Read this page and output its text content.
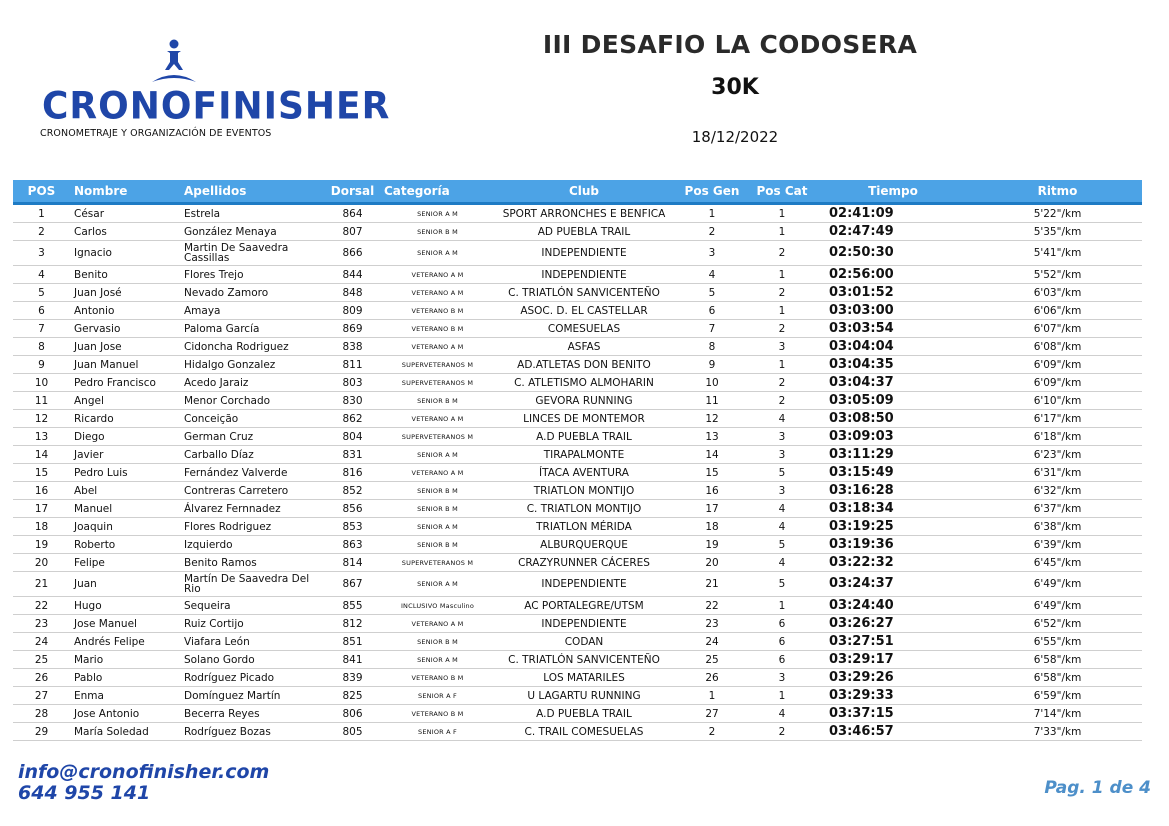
CRONOFINISHER
CRONOMETRAJE Y ORGANIZACIÓN DE EVENTOS
III DESAFIO LA CODOSERA
30K
18/12/2022
POS	Nombre	Apellidos	Dorsal	Categoría	Club	Pos Gen	Pos Cat	Tiempo	Ritmo
1	César	Estrela	864	SENIOR A M	SPORT ARRONCHES E BENFICA	1	1	02:41:09	5'22"/km
2	Carlos	González Menaya	807	SENIOR B M	AD PUEBLA TRAIL	2	1	02:47:49	5'35"/km
3	Ignacio	Martin De Saavedra Cassillas	866	SENIOR A M	INDEPENDIENTE	3	2	02:50:30	5'41"/km
4	Benito	Flores Trejo	844	VETERANO A M	INDEPENDIENTE	4	1	02:56:00	5'52"/km
5	Juan José	Nevado Zamoro	848	VETERANO A M	C. TRIATLÓN SANVICENTEÑO	5	2	03:01:52	6'03"/km
6	Antonio	Amaya	809	VETERANO B M	ASOC. D. EL CASTELLAR	6	1	03:03:00	6'06"/km
7	Gervasio	Paloma García	869	VETERANO B M	COMESUELAS	7	2	03:03:54	6'07"/km
8	Juan Jose	Cidoncha Rodriguez	838	VETERANO A M	ASFAS	8	3	03:04:04	6'08"/km
9	Juan Manuel	Hidalgo Gonzalez	811	SUPERVETERANOS M	AD.ATLETAS DON BENITO	9	1	03:04:35	6'09"/km
10	Pedro Francisco	Acedo Jaraiz	803	SUPERVETERANOS M	C. ATLETISMO ALMOHARIN	10	2	03:04:37	6'09"/km
11	Angel	Menor Corchado	830	SENIOR B M	GEVORA RUNNING	11	2	03:05:09	6'10"/km
12	Ricardo	Conceição	862	VETERANO A M	LINCES DE MONTEMOR	12	4	03:08:50	6'17"/km
13	Diego	German Cruz	804	SUPERVETERANOS M	A.D PUEBLA TRAIL	13	3	03:09:03	6'18"/km
14	Javier	Carballo Díaz	831	SENIOR A M	TIRAPALMONTE	14	3	03:11:29	6'23"/km
15	Pedro Luis	Fernández Valverde	816	VETERANO A M	ÍTACA AVENTURA	15	5	03:15:49	6'31"/km
16	Abel	Contreras Carretero	852	SENIOR B M	TRIATLON MONTIJO	16	3	03:16:28	6'32"/km
17	Manuel	Álvarez Fernnadez	856	SENIOR B M	C. TRIATLON MONTIJO	17	4	03:18:34	6'37"/km
18	Joaquin	Flores Rodriguez	853	SENIOR A M	TRIATLON MÉRIDA	18	4	03:19:25	6'38"/km
19	Roberto	Izquierdo	863	SENIOR B M	ALBURQUERQUE	19	5	03:19:36	6'39"/km
20	Felipe	Benito Ramos	814	SUPERVETERANOS M	CRAZYRUNNER CÁCERES	20	4	03:22:32	6'45"/km
21	Juan	Martín De Saavedra Del Rio	867	SENIOR A M	INDEPENDIENTE	21	5	03:24:37	6'49"/km
22	Hugo	Sequeira	855	INCLUSIVO Masculino	AC PORTALEGRE/UTSM	22	1	03:24:40	6'49"/km
23	Jose Manuel	Ruiz Cortijo	812	VETERANO A M	INDEPENDIENTE	23	6	03:26:27	6'52"/km
24	Andrés Felipe	Viafara León	851	SENIOR B M	CODAN	24	6	03:27:51	6'55"/km
25	Mario	Solano Gordo	841	SENIOR A M	C. TRIATLÓN SANVICENTEÑO	25	6	03:29:17	6'58"/km
26	Pablo	Rodríguez Picado	839	VETERANO B M	LOS MATARILES	26	3	03:29:26	6'58"/km
27	Enma	Domínguez Martín	825	SENIOR A F	U LAGARTU RUNNING	1	1	03:29:33	6'59"/km
28	Jose Antonio	Becerra Reyes	806	VETERANO B M	A.D PUEBLA TRAIL	27	4	03:37:15	7'14"/km
29	María Soledad	Rodríguez Bozas	805	SENIOR A F	C. TRAIL COMESUELAS	2	2	03:46:57	7'33"/km
info@cronofinisher.com
644 955 141	Pag. 1 de 4
